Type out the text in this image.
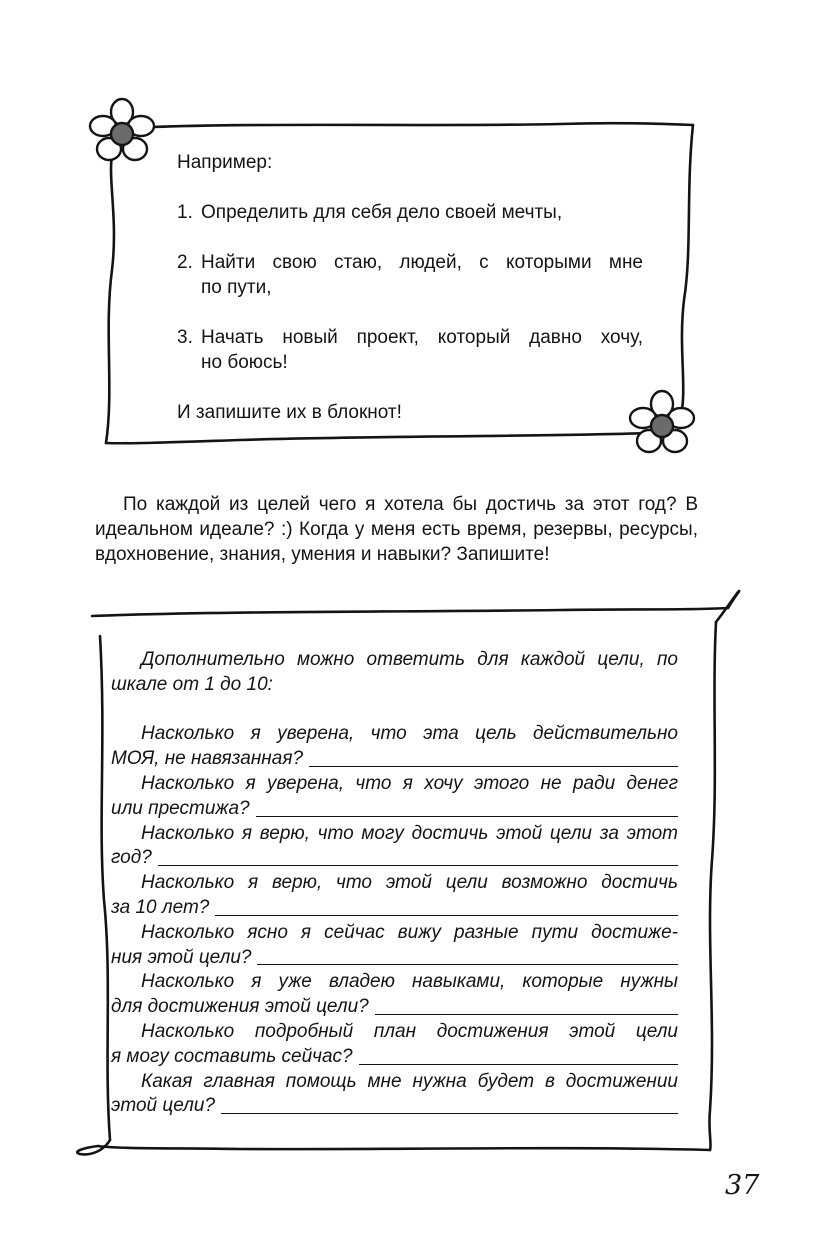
Например:

1. Определить для себя дело своей мечты,
2. Найти свою стаю, людей, с которыми мне
по пути,
3. Начать новый проект, который давно хочу,
но боюсь!

И запишите их в блокнот!

По каждой из целей чего я хотела бы достичь за этот год? В идеальном идеале? :) Когда у меня есть время, резервы, ресурсы, вдохновение, знания, умения и навыки? Запишите!

Дополнительно можно ответить для каждой цели, по шкале от 1 до 10:

Насколько я уверена, что эта цель действительно
МОЯ, не навязанная?
Насколько я уверена, что я хочу этого не ради денег
или престижа?
Насколько я верю, что могу достичь этой цели за этот
год?
Насколько я верю, что этой цели возможно достичь
за 10 лет?
Насколько ясно я сейчас вижу разные пути достиже-
ния этой цели?
Насколько я уже владею навыками, которые нужны
для достижения этой цели?
Насколько подробный план достижения этой цели
я могу составить сейчас?
Какая главная помощь мне нужна будет в достижении
этой цели?
37
